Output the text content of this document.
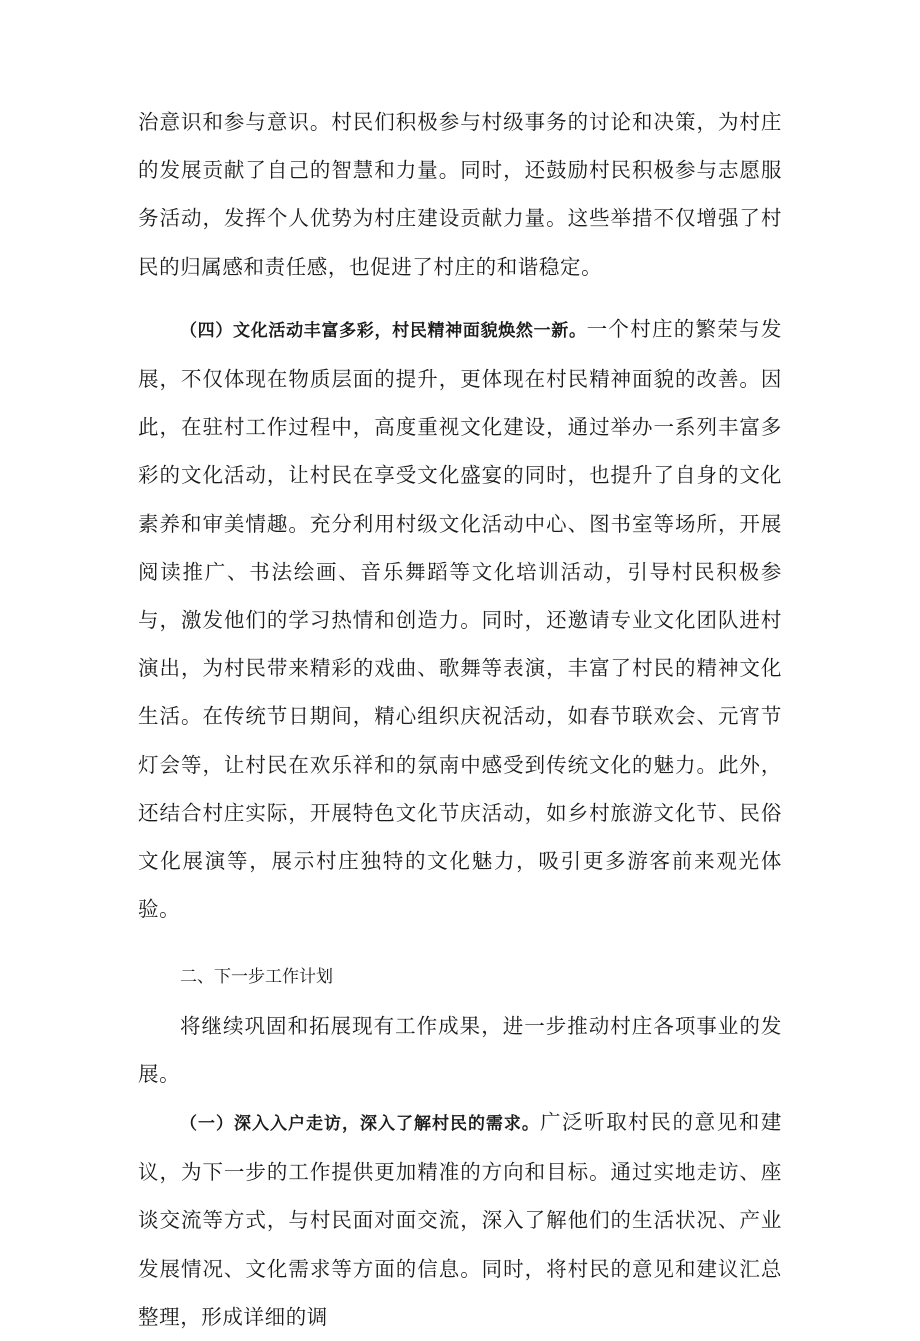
治意识和参与意识。村民们积极参与村级事务的讨论和决策，为村庄的发展贡献了自己的智慧和力量。同时，还鼓励村民积极参与志愿服务活动，发挥个人优势为村庄建设贡献力量。这些举措不仅增强了村民的归属感和责任感，也促进了村庄的和谐稳定。

（四）文化活动丰富多彩，村民精神面貌焕然一新。一个村庄的繁荣与发展，不仅体现在物质层面的提升，更体现在村民精神面貌的改善。因此，在驻村工作过程中，高度重视文化建设，通过举办一系列丰富多彩的文化活动，让村民在享受文化盛宴的同时，也提升了自身的文化素养和审美情趣。充分利用村级文化活动中心、图书室等场所，开展阅读推广、书法绘画、音乐舞蹈等文化培训活动，引导村民积极参与，激发他们的学习热情和创造力。同时，还邀请专业文化团队进村演出，为村民带来精彩的戏曲、歌舞等表演，丰富了村民的精神文化生活。在传统节日期间，精心组织庆祝活动，如春节联欢会、元宵节灯会等，让村民在欢乐祥和的氛南中感受到传统文化的魅力。此外，还结合村庄实际，开展特色文化节庆活动，如乡村旅游文化节、民俗文化展演等，展示村庄独特的文化魅力，吸引更多游客前来观光体验。

二、下一步工作计划

将继续巩固和拓展现有工作成果，进一步推动村庄各项事业的发展。

（一）深入入户走访，深入了解村民的需求。广泛听取村民的意见和建议，为下一步的工作提供更加精准的方向和目标。通过实地走访、座谈交流等方式，与村民面对面交流，深入了解他们的生活状况、产业发展情况、文化需求等方面的信息。同时，将村民的意见和建议汇总整理，形成详细的调
